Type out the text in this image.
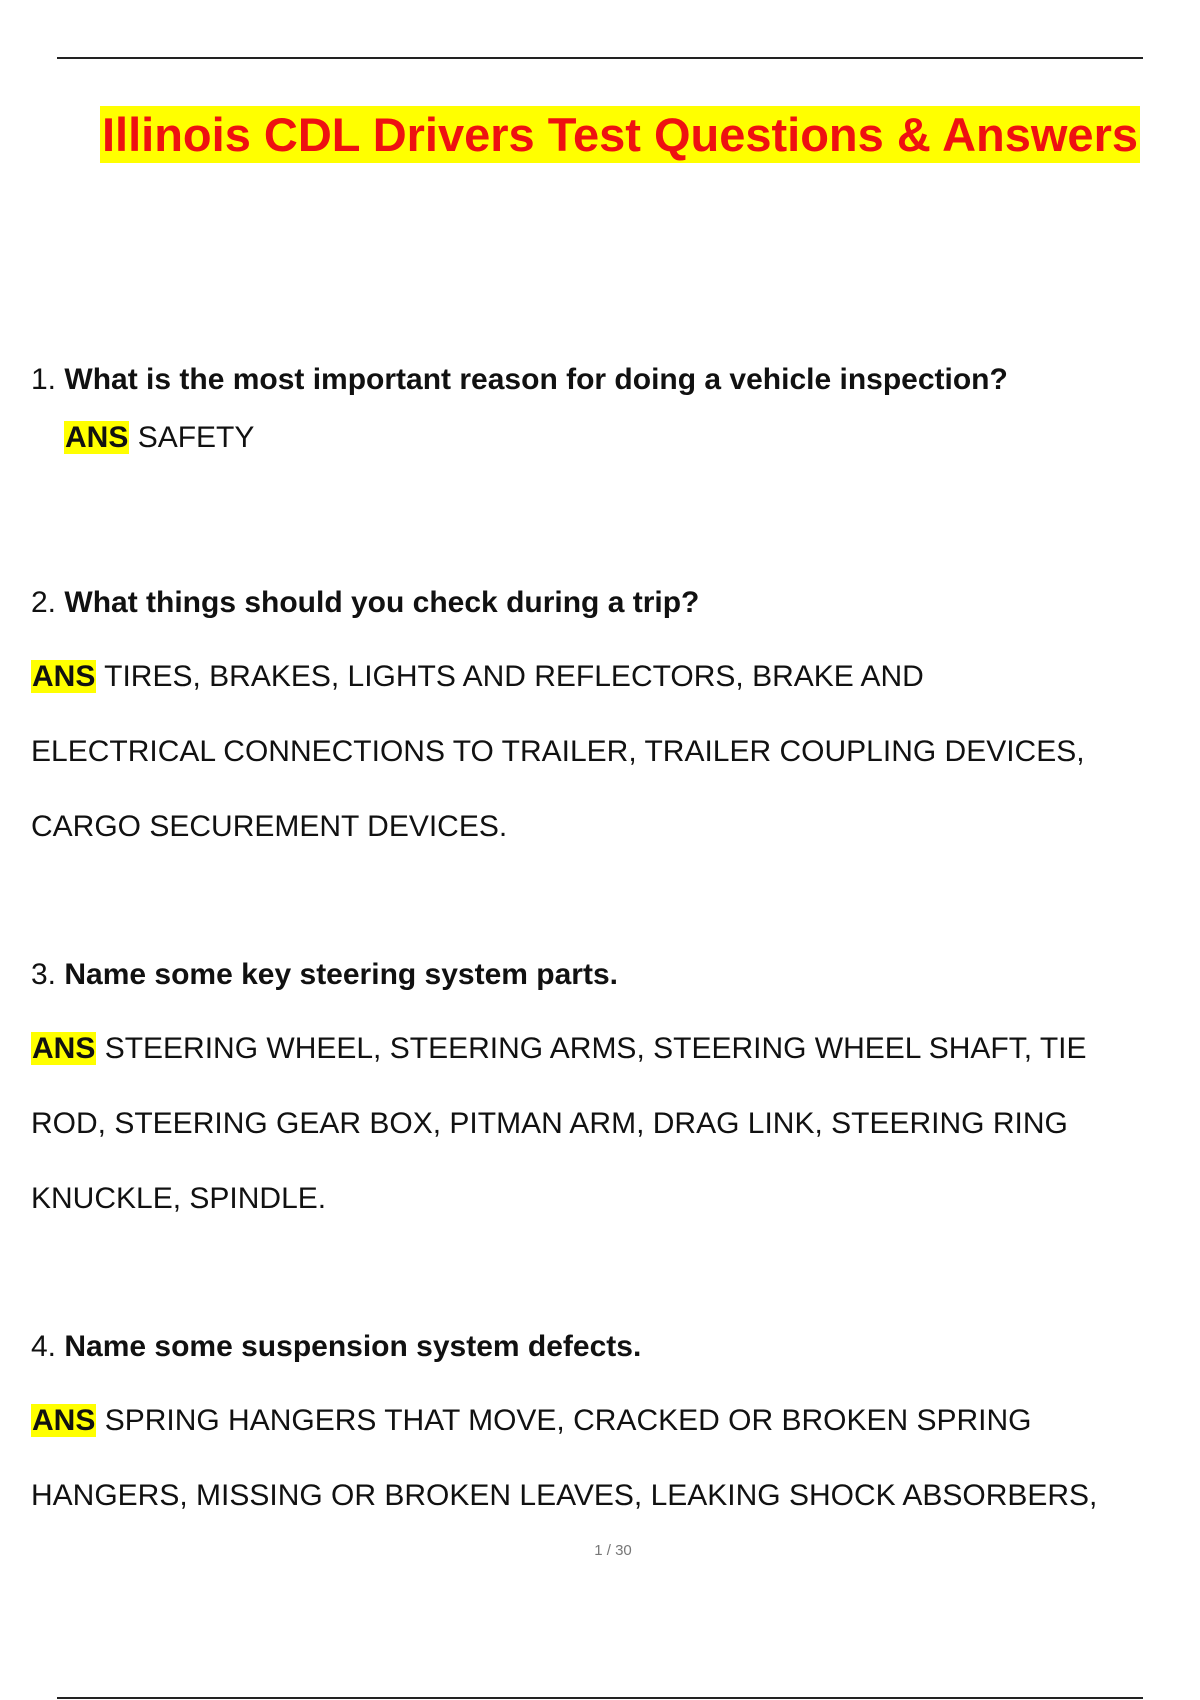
Illinois CDL Drivers Test Questions & Answers
1. What is the most important reason for doing a vehicle inspection?
ANS SAFETY
2. What things should you check during a trip?
ANS TIRES, BRAKES, LIGHTS AND REFLECTORS, BRAKE AND
ELECTRICAL CONNECTIONS TO TRAILER, TRAILER COUPLING DEVICES,
CARGO SECUREMENT DEVICES.
3. Name some key steering system parts.
ANS STEERING WHEEL, STEERING ARMS, STEERING WHEEL SHAFT, TIE
ROD, STEERING GEAR BOX, PITMAN ARM, DRAG LINK, STEERING RING
KNUCKLE, SPINDLE.
4. Name some suspension system defects.
ANS SPRING HANGERS THAT MOVE, CRACKED OR BROKEN SPRING
HANGERS, MISSING OR BROKEN LEAVES, LEAKING SHOCK ABSORBERS,
1 / 30
